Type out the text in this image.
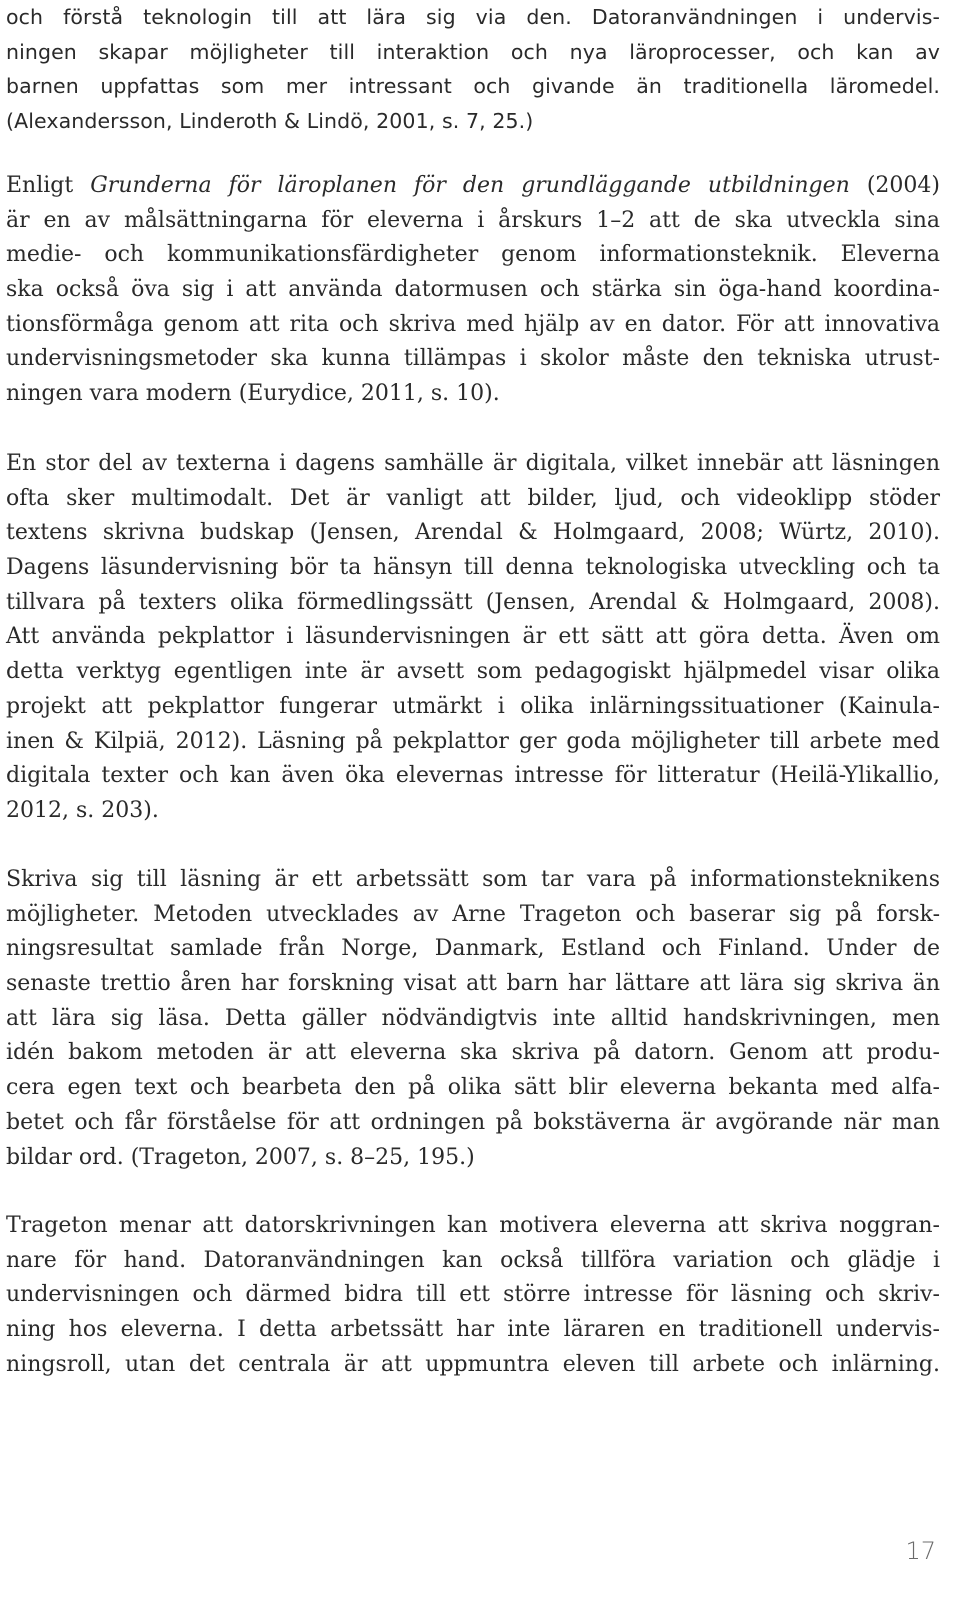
och förstå teknologin till att lära sig via den. Datoranvändningen i undervis-
ningen skapar möjligheter till interaktion och nya läroprocesser, och kan av
barnen uppfattas som mer intressant och givande än traditionella läromedel.
(Alexandersson, Linderoth & Lindö, 2001, s. 7, 25.)

Enligt Grunderna för läroplanen för den grundläggande utbildningen (2004)
är en av målsättningarna för eleverna i årskurs 1–2 att de ska utveckla sina
medie- och kommunikationsfärdigheter genom informationsteknik. Eleverna
ska också öva sig i att använda datormusen och stärka sin öga-hand koordina-
tionsförmåga genom att rita och skriva med hjälp av en dator. För att innovativa
undervisningsmetoder ska kunna tillämpas i skolor måste den tekniska utrust-
ningen vara modern (Eurydice, 2011, s. 10).

En stor del av texterna i dagens samhälle är digitala, vilket innebär att läsningen
ofta sker multimodalt. Det är vanligt att bilder, ljud, och videoklipp stöder
textens skrivna budskap (Jensen, Arendal & Holmgaard, 2008; Würtz, 2010).
Dagens läsundervisning bör ta hänsyn till denna teknologiska utveckling och ta
tillvara på texters olika förmedlingssätt (Jensen, Arendal & Holmgaard, 2008).
Att använda pekplattor i läsundervisningen är ett sätt att göra detta. Även om
detta verktyg egentligen inte är avsett som pedagogiskt hjälpmedel visar olika
projekt att pekplattor fungerar utmärkt i olika inlärningssituationer (Kainula-
inen & Kilpiä, 2012). Läsning på pekplattor ger goda möjligheter till arbete med
digitala texter och kan även öka elevernas intresse för litteratur (Heilä-Ylikallio,
2012, s. 203).

Skriva sig till läsning är ett arbetssätt som tar vara på informationsteknikens
möjligheter. Metoden utvecklades av Arne Trageton och baserar sig på forsk-
ningsresultat samlade från Norge, Danmark, Estland och Finland. Under de
senaste trettio åren har forskning visat att barn har lättare att lära sig skriva än
att lära sig läsa. Detta gäller nödvändigtvis inte alltid handskrivningen, men
idén bakom metoden är att eleverna ska skriva på datorn. Genom att produ-
cera egen text och bearbeta den på olika sätt blir eleverna bekanta med alfa-
betet och får förståelse för att ordningen på bokstäverna är avgörande när man
bildar ord. (Trageton, 2007, s. 8–25, 195.)

Trageton menar att datorskrivningen kan motivera eleverna att skriva noggran-
nare för hand. Datoranvändningen kan också tillföra variation och glädje i
undervisningen och därmed bidra till ett större intresse för läsning och skriv-
ning hos eleverna. I detta arbetssätt har inte läraren en traditionell undervis-
ningsroll, utan det centrala är att uppmuntra eleven till arbete och inlärning.

17
